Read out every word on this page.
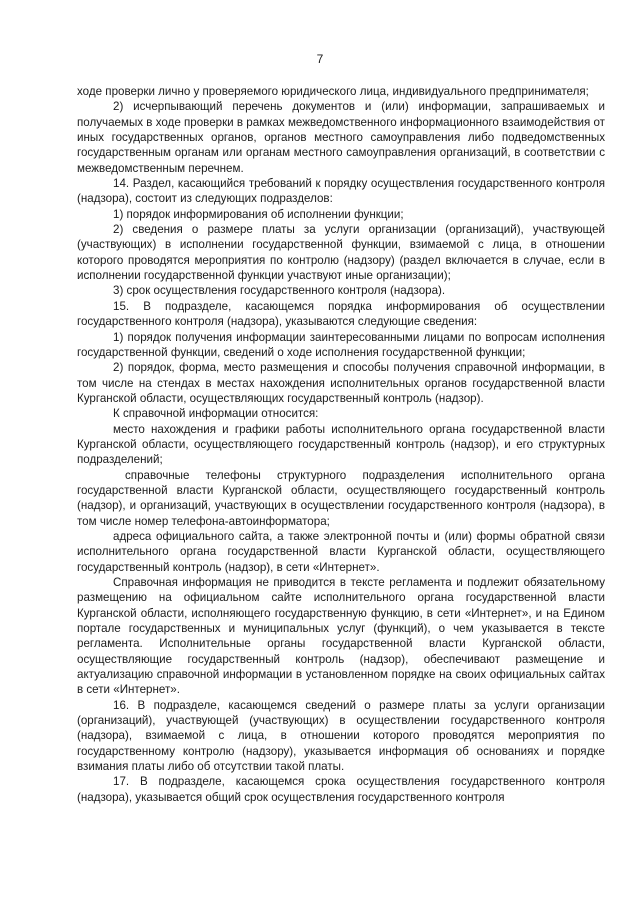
7

ходе проверки лично у проверяемого юридического лица, индивидуального предпринимателя;

2) исчерпывающий перечень документов и (или) информации, запрашиваемых и получаемых в ходе проверки в рамках межведомственного информационного взаимодействия от иных государственных органов, органов местного самоуправления либо подведомственных государственным органам или органам местного самоуправления организаций, в соответствии с межведомственным перечнем.

14. Раздел, касающийся требований к порядку осуществления государственного контроля (надзора), состоит из следующих подразделов:

1) порядок информирования об исполнении функции;

2) сведения о размере платы за услуги организации (организаций), участвующей (участвующих) в исполнении государственной функции, взимаемой с лица, в отношении которого проводятся мероприятия по контролю (надзору) (раздел включается в случае, если в исполнении государственной функции участвуют иные организации);

3) срок осуществления государственного контроля (надзора).

15. В подразделе, касающемся порядка информирования об осуществлении государственного контроля (надзора), указываются следующие сведения:

1) порядок получения информации заинтересованными лицами по вопросам исполнения государственной функции, сведений о ходе исполнения государственной функции;

2) порядок, форма, место размещения и способы получения справочной информации, в том числе на стендах в местах нахождения исполнительных органов государственной власти Курганской области, осуществляющих государственный контроль (надзор).

К справочной информации относится:

место нахождения и графики работы исполнительного органа государственной власти Курганской области, осуществляющего государственный контроль (надзор), и его структурных подразделений;

справочные телефоны структурного подразделения исполнительного органа государственной власти Курганской области, осуществляющего государственный контроль (надзор), и организаций, участвующих в осуществлении государственного контроля (надзора), в том числе номер телефона-автоинформатора;

адреса официального сайта, а также электронной почты и (или) формы обратной связи исполнительного органа государственной власти Курганской области, осуществляющего государственный контроль (надзор), в сети «Интернет».

Справочная информация не приводится в тексте регламента и подлежит обязательному размещению на официальном сайте исполнительного органа государственной власти Курганской области, исполняющего государственную функцию, в сети «Интернет», и на Едином портале государственных и муниципальных услуг (функций), о чем указывается в тексте регламента. Исполнительные органы государственной власти Курганской области, осуществляющие государственный контроль (надзор), обеспечивают размещение и актуализацию справочной информации в установленном порядке на своих официальных сайтах в сети «Интернет».

16. В подразделе, касающемся сведений о размере платы за услуги организации (организаций), участвующей (участвующих) в осуществлении государственного контроля (надзора), взимаемой с лица, в отношении которого проводятся мероприятия по государственному контролю (надзору), указывается информация об основаниях и порядке взимания платы либо об отсутствии такой платы.

17. В подразделе, касающемся срока осуществления государственного контроля (надзора), указывается общий срок осуществления государственного контроля
